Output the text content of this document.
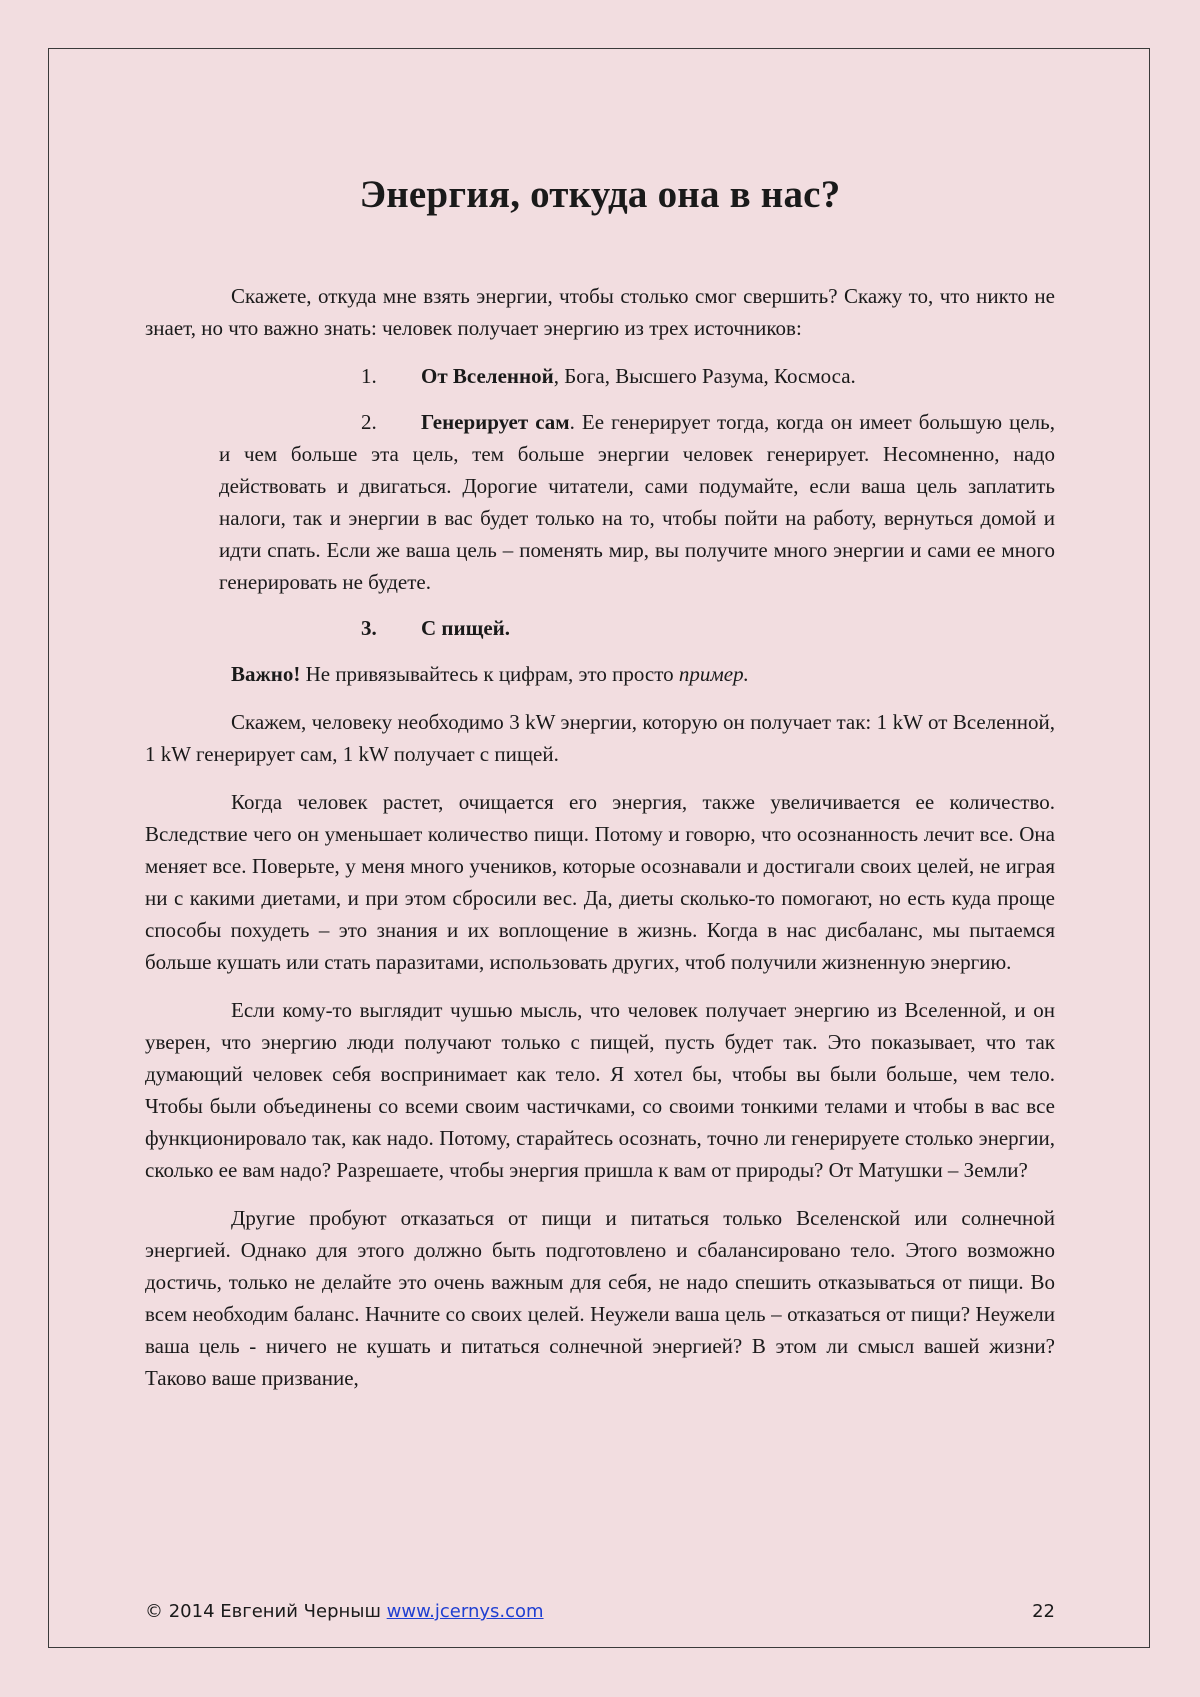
Энергия, откуда она в нас?

Скажете, откуда мне взять энергии, чтобы столько смог свершить? Скажу то, что никто не знает, но что важно знать: человек получает энергию из трех источников:

1. От Вселенной, Бога, Высшего Разума, Космоса.
2. Генерирует сам. Ее генерирует тогда, когда он имеет большую цель, и чем больше эта цель, тем больше энергии человек генерирует. Несомненно, надо действовать и двигаться. Дорогие читатели, сами подумайте, если ваша цель заплатить налоги, так и энергии в вас будет только на то, чтобы пойти на работу, вернуться домой и идти спать. Если же ваша цель – поменять мир, вы получите много энергии и сами ее много генерировать не будете.
3. С пищей.

Важно! Не привязывайтесь к цифрам, это просто пример.

Скажем, человеку необходимо 3 kW энергии, которую он получает так: 1 kW от Вселенной, 1 kW генерирует сам, 1 kW получает с пищей.

Когда человек растет, очищается его энергия, также увеличивается ее количество. Вследствие чего он уменьшает количество пищи. Потому и говорю, что осознанность лечит все. Она меняет все. Поверьте, у меня много учеников, которые осознавали и достигали своих целей, не играя ни с какими диетами, и при этом сбросили вес. Да, диеты сколько-то помогают, но есть куда проще способы похудеть – это знания и их воплощение в жизнь. Когда в нас дисбаланс, мы пытаемся больше кушать или стать паразитами, использовать других, чтоб получили жизненную энергию.

Если кому-то выглядит чушью мысль, что человек получает энергию из Вселенной, и он уверен, что энергию люди получают только с пищей, пусть будет так. Это показывает, что так думающий человек себя воспринимает как тело. Я хотел бы, чтобы вы были больше, чем тело. Чтобы были объединены со всеми своим частичками, со своими тонкими телами и чтобы в вас все функционировало так, как надо. Потому, старайтесь осознать, точно ли генерируете столько энергии, сколько ее вам надо? Разрешаете, чтобы энергия пришла к вам от природы? От Матушки – Земли?

Другие пробуют отказаться от пищи и питаться только Вселенской или солнечной энергией. Однако для этого должно быть подготовлено и сбалансировано тело. Этого возможно достичь, только не делайте это очень важным для себя, не надо спешить отказываться от пищи. Во всем необходим баланс. Начните со своих целей. Неужели ваша цель – отказаться от пищи? Неужели ваша цель - ничего не кушать и питаться солнечной энергией? В этом ли смысл вашей жизни? Таково ваше призвание,

© 2014 Евгений Черныш www.jcernys.com	22
